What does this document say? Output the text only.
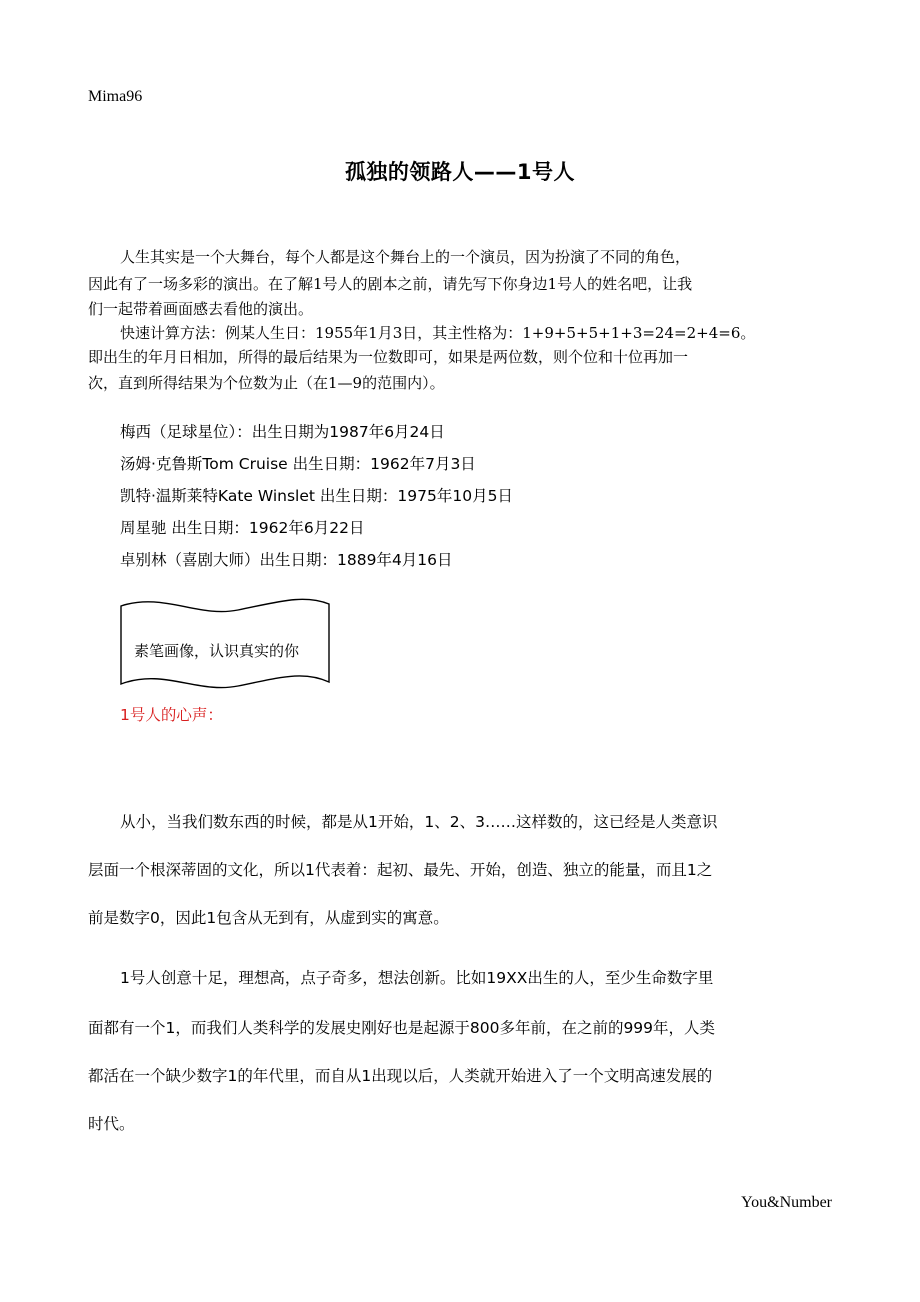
Mima96
孤独的领路人——1号人
人生其实是一个大舞台，每个人都是这个舞台上的一个演员，因为扮演了不同的角色，
因此有了一场多彩的演出。在了解1号人的剧本之前，请先写下你身边1号人的姓名吧，让我
们一起带着画面感去看他的演出。
快速计算方法：例某人生日：1955年1月3日，其主性格为：1+9+5+5+1+3=24=2+4=6。
即出生的年月日相加，所得的最后结果为一位数即可，如果是两位数，则个位和十位再加一
次，直到所得结果为个位数为止（在1—9的范围内）。
梅西（足球星位）：出生日期为1987年6月24日
汤姆·克鲁斯Tom Cruise 出生日期：1962年7月3日
凯特·温斯莱特Kate Winslet 出生日期：1975年10月5日
周星驰 出生日期：1962年6月22日
卓别林（喜剧大师）出生日期：1889年4月16日
素笔画像，认识真实的你
1号人的心声：
从小，当我们数东西的时候，都是从1开始，1、2、3……这样数的，这已经是人类意识
层面一个根深蒂固的文化，所以1代表着：起初、最先、开始，创造、独立的能量，而且1之
前是数字0，因此1包含从无到有，从虚到实的寓意。
1号人创意十足，理想高，点子奇多，想法创新。比如19XX出生的人，至少生命数字里
面都有一个1，而我们人类科学的发展史刚好也是起源于800多年前，在之前的999年，人类
都活在一个缺少数字1的年代里，而自从1出现以后，人类就开始进入了一个文明高速发展的
时代。
You&Number
